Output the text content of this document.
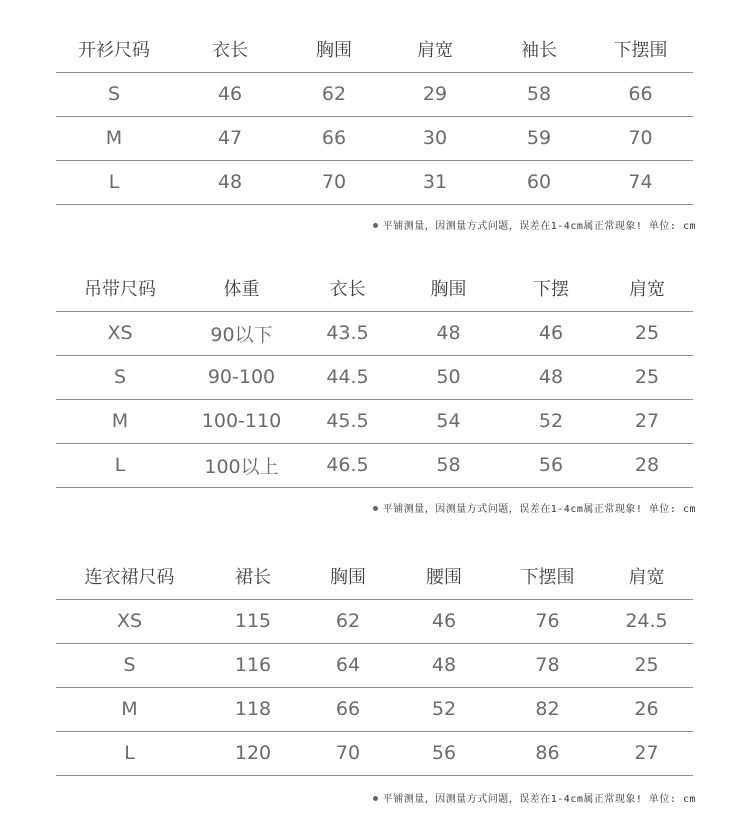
开衫尺码	衣长	胸围	肩宽	袖长	下摆围
S	46	62	29	58	66
M	47	66	30	59	70
L	48	70	31	60	74
平铺测量，因测量方式问题，误差在1-4cm属正常现象! 单位: cm
吊带尺码	体重	衣长	胸围	下摆	肩宽
XS	90以下	43.5	48	46	25
S	90-100	44.5	50	48	25
M	100-110	45.5	54	52	27
L	100以上	46.5	58	56	28
平铺测量，因测量方式问题，误差在1-4cm属正常现象! 单位: cm
连衣裙尺码	裙长	胸围	腰围	下摆围	肩宽
XS	115	62	46	76	24.5
S	116	64	48	78	25
M	118	66	52	82	26
L	120	70	56	86	27
平铺测量，因测量方式问题，误差在1-4cm属正常现象! 单位: cm
